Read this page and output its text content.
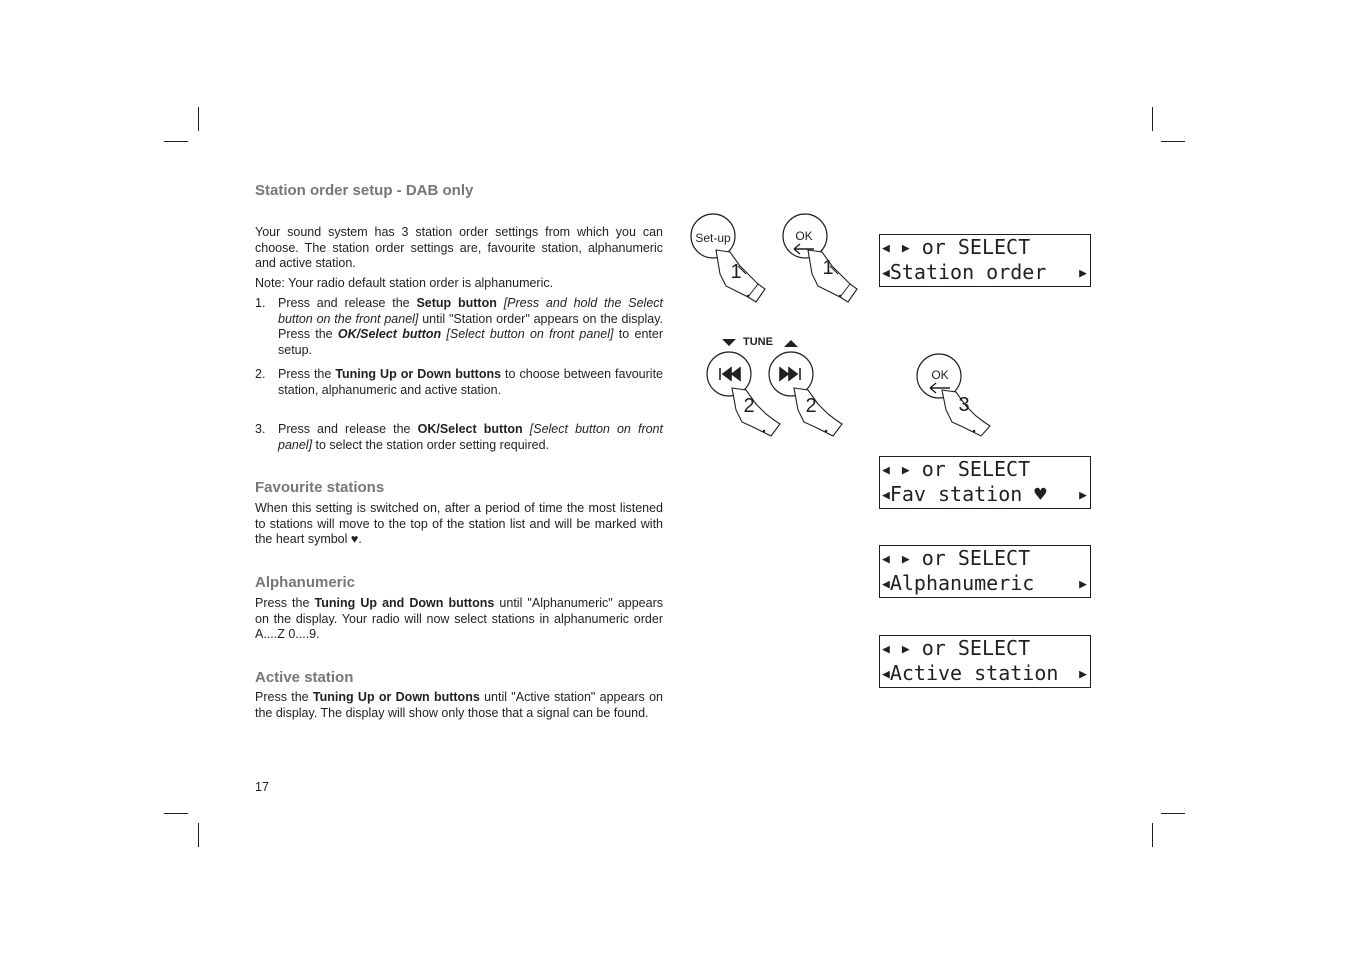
Station order setup - DAB only

Your sound system has 3 station order settings from which you can choose. The station order settings are, favourite station, alphanumeric and active station.

Note: Your radio default station order is alphanumeric.

1. Press and release the Setup button [Press and hold the Select button on the front panel] until "Station order" appears on the display. Press the OK/Select button [Select button on front panel] to enter setup.
2. Press the Tuning Up or Down buttons to choose between favourite station, alphanumeric and active station.
3. Press and release the OK/Select button [Select button on front panel] to select the station order setting required.
Favourite stations

When this setting is switched on, after a period of time the most listened to stations will move to the top of the station list and will be marked with the heart symbol ♥.

Alphanumeric

Press the Tuning Up and Down buttons until "Alphanumeric" appears on the display. Your radio will now select stations in alphanumeric order A....Z 0....9.

Active station

Press the Tuning Up or Down buttons until "Active station" appears on the display. The display will show only those that a signal can be found.

17
Set-up
1
OK
1
TUNE
2	2
OK
3
◀ ▶ or SELECT
◀Station order	▶
◀ ▶ or SELECT
◀Fav station ♥	▶
◀ ▶ or SELECT
◀Alphanumeric	▶
◀ ▶ or SELECT
◀Active station ▶
